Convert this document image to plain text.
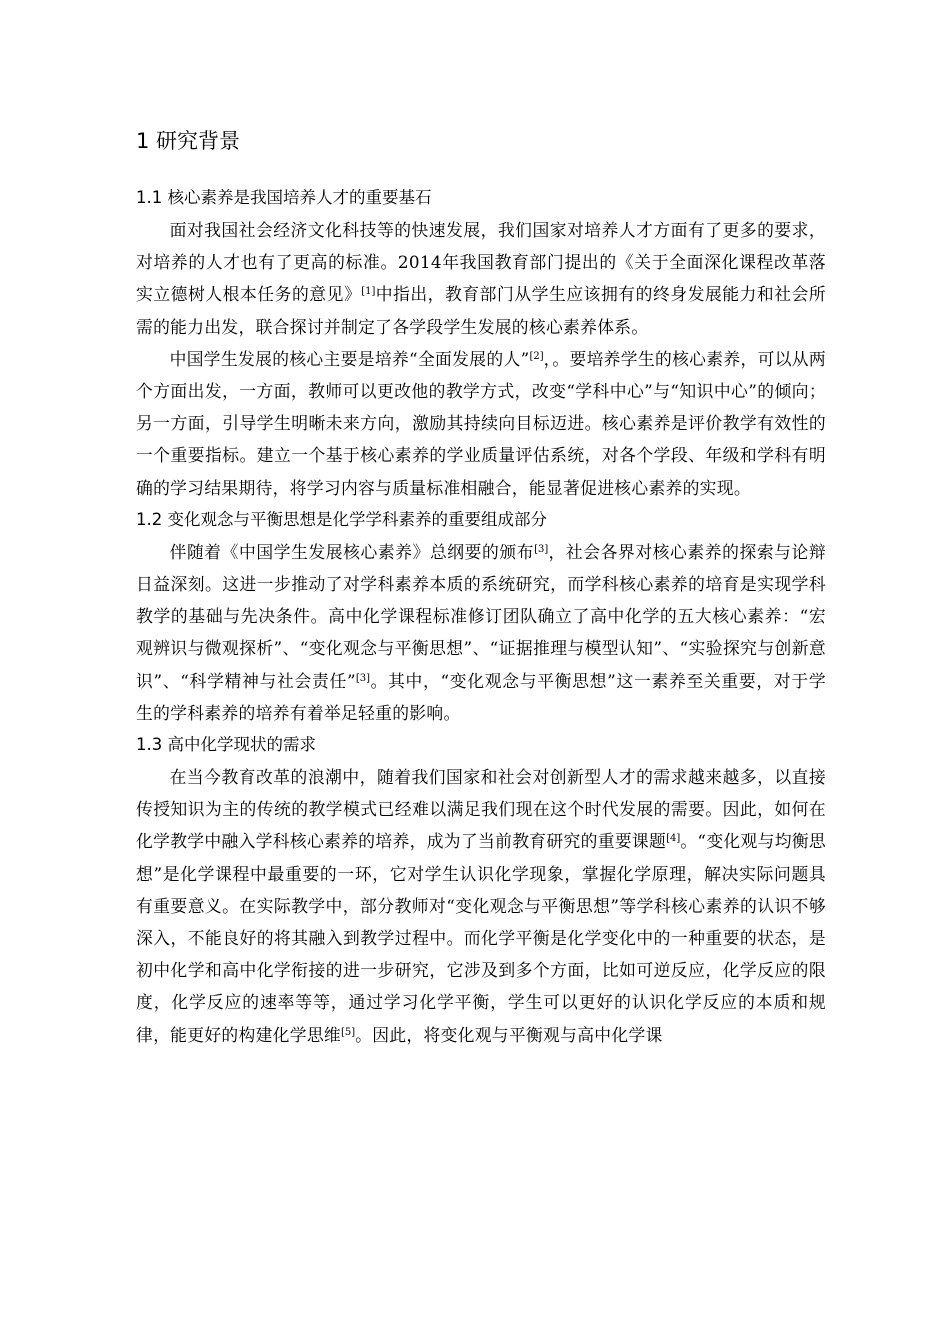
1 研究背景
1.1 核心素养是我国培养人才的重要基石

面对我国社会经济文化科技等的快速发展，我们国家对培养人才方面有了更多的要求，对培养的人才也有了更高的标准。2014年我国教育部门提出的《关于全面深化课程改革落实立德树人根本任务的意见》[1]中指出，教育部门从学生应该拥有的终身发展能力和社会所需的能力出发，联合探讨并制定了各学段学生发展的核心素养体系。

中国学生发展的核心主要是培养“全面发展的人”[2]，。要培养学生的核心素养，可以从两个方面出发，一方面，教师可以更改他的教学方式，改变“学科中心”与“知识中心”的倾向；另一方面，引导学生明晰未来方向，激励其持续向目标迈进。核心素养是评价教学有效性的一个重要指标。建立一个基于核心素养的学业质量评估系统，对各个学段、年级和学科有明确的学习结果期待，将学习内容与质量标准相融合，能显著促进核心素养的实现。

1.2 变化观念与平衡思想是化学学科素养的重要组成部分

伴随着《中国学生发展核心素养》总纲要的颁布[3]，社会各界对核心素养的探索与论辩日益深刻。这进一步推动了对学科素养本质的系统研究，而学科核心素养的培育是实现学科教学的基础与先决条件。高中化学课程标准修订团队确立了高中化学的五大核心素养：“宏观辨识与微观探析”、“变化观念与平衡思想”、“证据推理与模型认知”、“实验探究与创新意识”、“科学精神与社会责任”[3]。其中，“变化观念与平衡思想”这一素养至关重要，对于学生的学科素养的培养有着举足轻重的影响。

1.3 高中化学现状的需求

在当今教育改革的浪潮中，随着我们国家和社会对创新型人才的需求越来越多，以直接传授知识为主的传统的教学模式已经难以满足我们现在这个时代发展的需要。因此，如何在化学教学中融入学科核心素养的培养，成为了当前教育研究的重要课题[4]。“变化观与均衡思想”是化学课程中最重要的一环，它对学生认识化学现象，掌握化学原理，解决实际问题具有重要意义。在实际教学中，部分教师对“变化观念与平衡思想”等学科核心素养的认识不够深入，不能良好的将其融入到教学过程中。而化学平衡是化学变化中的一种重要的状态，是初中化学和高中化学衔接的进一步研究，它涉及到多个方面，比如可逆反应，化学反应的限度，化学反应的速率等等，通过学习化学平衡，学生可以更好的认识化学反应的本质和规律，能更好的构建化学思维[5]。因此，将变化观与平衡观与高中化学课
